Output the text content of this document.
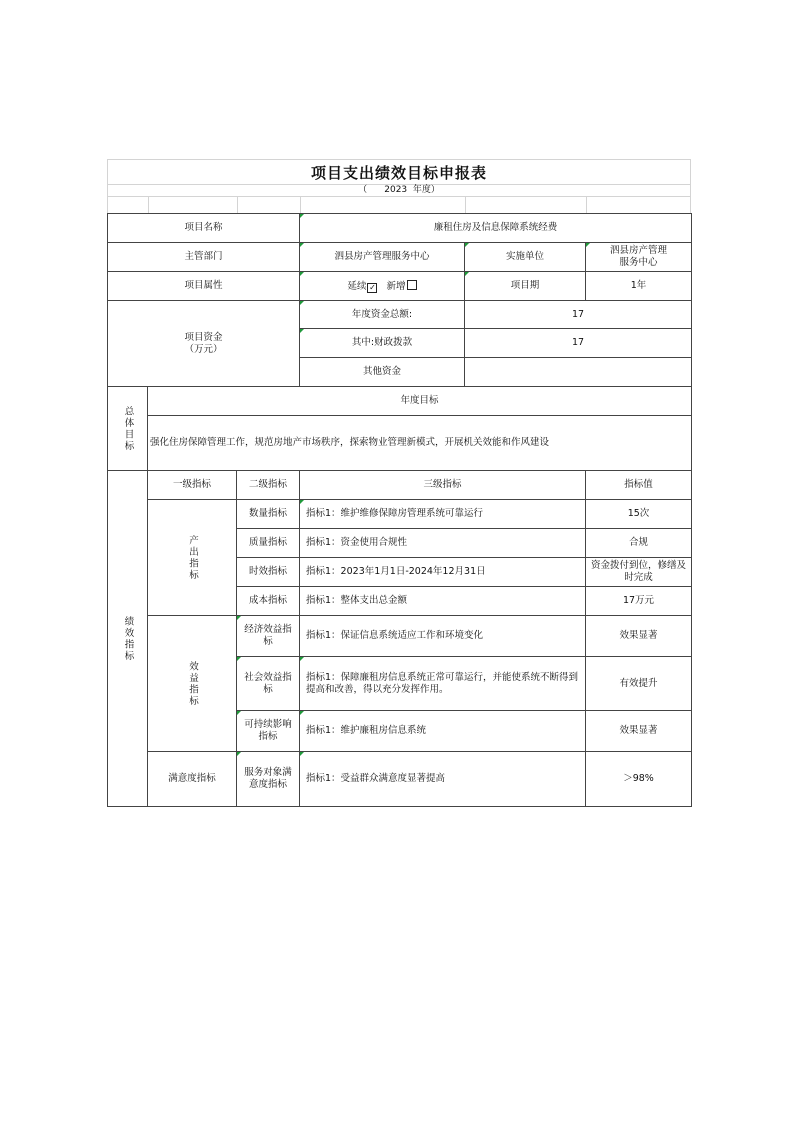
项目支出绩效目标申报表
（      2023  年度）
项目名称			廉租住房及信息保障系统经费		
主管部门			泗县房产管理服务中心	实施单位	泗县房产管理
服务中心
项目属性			延续 ✓ 新增	项目期	1年
项目资金
（万元）			年度资金总额:	17	
			其中:财政拨款	17	
			其他资金		
总体目标	年度目标				
	强化住房保障管理工作，规范房地产市场秩序，探索物业管理新模式，开展机关效能和作风建设				
绩效指标	一级指标	二级指标	三级指标		指标值
	产出指标	数量指标	指标1：维护维修保障房管理系统可靠运行		15次
		质量指标	指标1：资金使用合规性		合规
		时效指标	指标1：2023年1月1日-2024年12月31日		资金拨付到位，修缮及时完成
		成本指标	指标1：整体支出总金额		17万元
	效益指标	经济效益指标	指标1：保证信息系统适应工作和环境变化		效果显著
		社会效益指标	指标1：保障廉租房信息系统正常可靠运行，并能使系统不断得到提高和改善，得以充分发挥作用。		有效提升
		可持续影响指标	指标1：维护廉租房信息系统		效果显著
	满意度指标	服务对象满意度指标	指标1：受益群众满意度显著提高		＞98%
